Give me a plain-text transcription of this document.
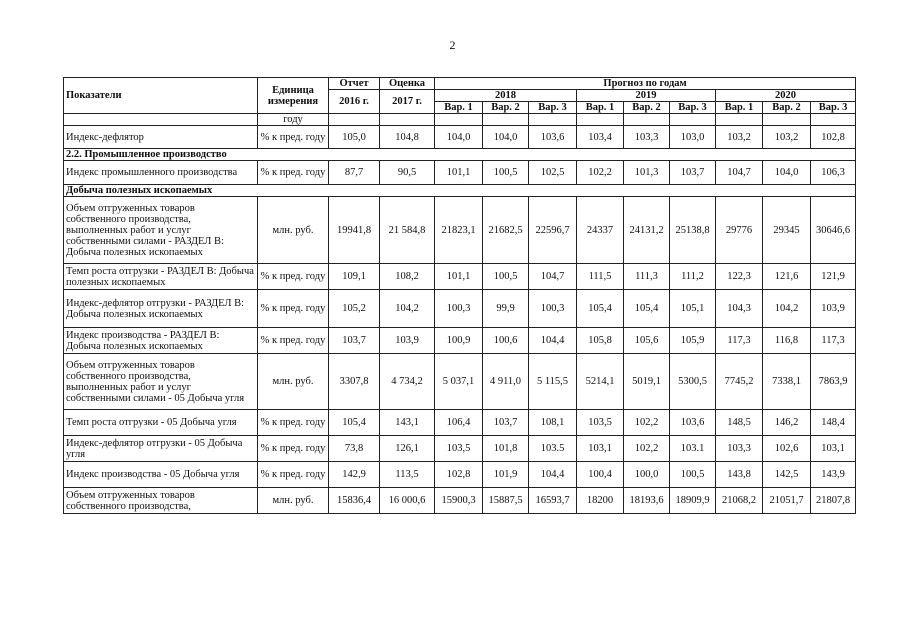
2
Показатели	Единица измерения	Отчет	Оценка	Прогноз по годам								
		2016 г.	2017 г.	2018			2019			2020		
				Вар. 1	Вар. 2	Вар. 3	Вар. 1	Вар. 2	Вар. 3	Вар. 1	Вар. 2	Вар. 3
	году											
Индекс-дефлятор	% к пред. году	105,0	104,8	104,0	104,0	103,6	103,4	103,3	103,0	103,2	103,2	102,8
2.2. Промышленное производство												
Индекс промышленного производства	% к пред. году	87,7	90,5	101,1	100,5	102,5	102,2	101,3	103,7	104,7	104,0	106,3
Добыча полезных ископаемых												
Объем отгруженных товаров собственного производства, выполненных работ и услуг собственными силами - РАЗДЕЛ B: Добыча полезных ископаемых	млн. руб.	19941,8	21 584,8	21823,1	21682,5	22596,7	24337	24131,2	25138,8	29776	29345	30646,6
Темп роста отгрузки - РАЗДЕЛ B: Добыча полезных ископаемых	% к пред. году	109,1	108,2	101,1	100,5	104,7	111,5	111,3	111,2	122,3	121,6	121,9
Индекс-дефлятор отгрузки - РАЗДЕЛ B: Добыча полезных ископаемых	% к пред. году	105,2	104,2	100,3	99,9	100,3	105,4	105,4	105,1	104,3	104,2	103,9
Индекс производства - РАЗДЕЛ B: Добыча полезных ископаемых	% к пред. году	103,7	103,9	100,9	100,6	104,4	105,8	105,6	105,9	117,3	116,8	117,3
Объем отгруженных товаров собственного производства, выполненных работ и услуг собственными силами - 05 Добыча угля	млн. руб.	3307,8	4 734,2	5 037,1	4 911,0	5 115,5	5214,1	5019,1	5300,5	7745,2	7338,1	7863,9
Темп роста отгрузки - 05 Добыча угля	% к пред. году	105,4	143,1	106,4	103,7	108,1	103,5	102,2	103,6	148,5	146,2	148,4
Индекс-дефлятор отгрузки - 05 Добыча угля	% к пред. году	73,8	126,1	103,5	101,8	103.5	103,1	102,2	103.1	103,3	102,6	103,1
Индекс производства - 05 Добыча угля	% к пред. году	142,9	113,5	102,8	101,9	104,4	100,4	100,0	100,5	143,8	142,5	143,9
Объем отгруженных товаров собственного производства,	млн. руб.	15836,4	16 000,6	15900,3	15887,5	16593,7	18200	18193,6	18909,9	21068,2	21051,7	21807,8
